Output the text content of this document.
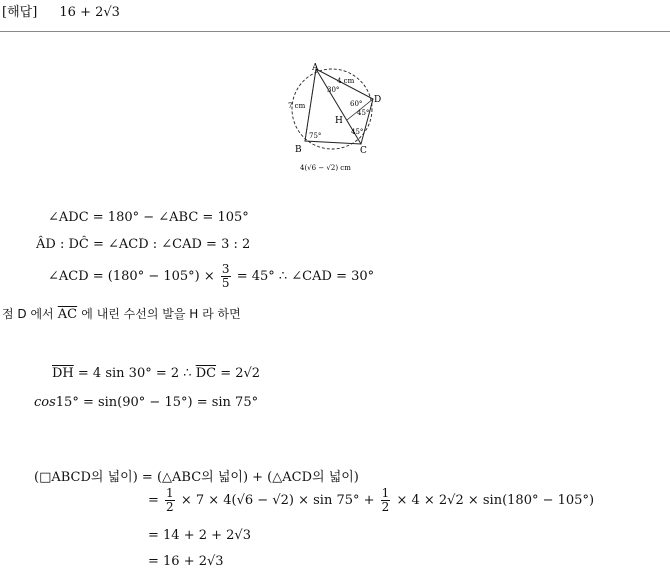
[해답] 16 + 2√3
A
D
B	C
H
4 cm
7 cm
4(√6 − √2) cm
30°
60°
75°	45°
45°
∠ADC = 180° − ∠ABC = 105°
ÂD : DĈ = ∠ACD : ∠CAD = 3 : 2
∠ACD = $(180^\circ - 105^\circ) \times \frac{3}{5} = 45^\circ$ ∴ ∠CAD = 30°
점 D 에서 $\overline{AC}$ 에 내린 수선의 발을 H 라 하면
$\overline{DH} = 4$ sin 30° = 2 ∴ $\overline{DC} = 2√2$
cos15° = sin(90° − 15°) = sin 75°
(□ABCD의 넓이) = (△ABC의 넓이) + (△ACD의 넓이)
= $\frac{1}{2} \times 7 \times 4(√6 - √2) \times \sin 75^\circ + \frac{1}{2} \times 4 \times 2√2 \times \sin(180^\circ - 105^\circ)$
= 14 + 2 + 2√3
= 16 + 2√3
